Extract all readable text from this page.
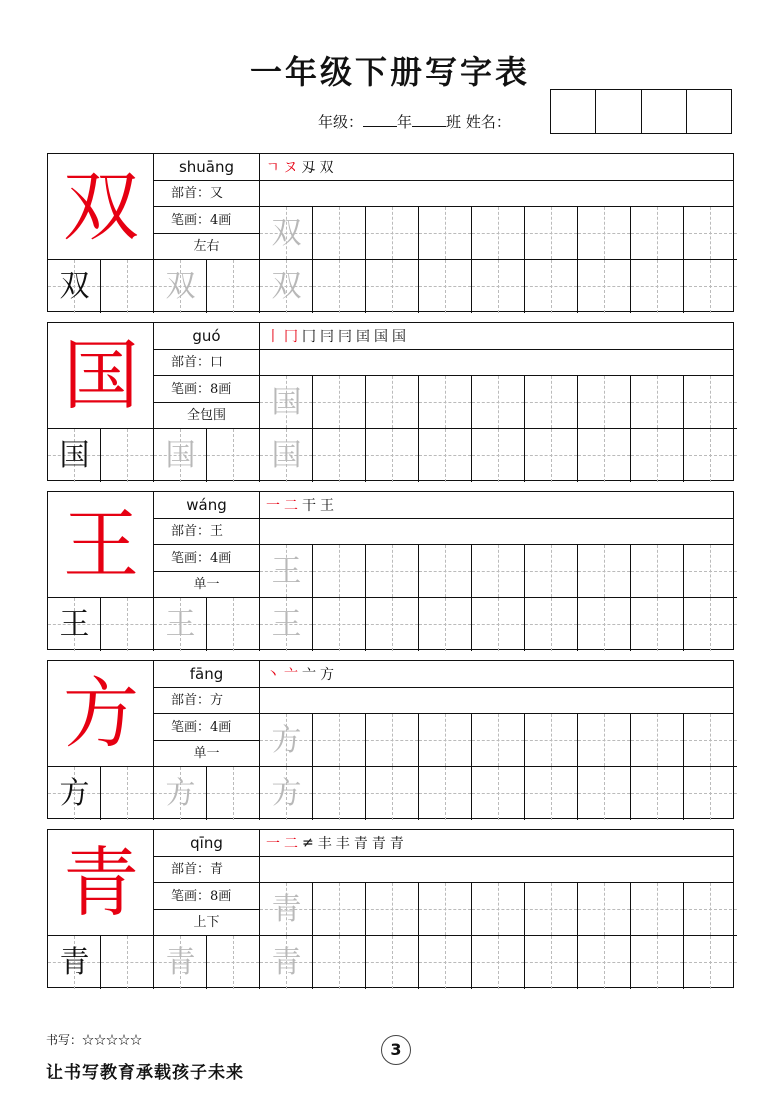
一年级下册写字表
年级： 年 班 姓名：
双	shuāng
部首：又
笔画：4画
左右
ㄱ ヌ 刄 双
双
双	双	双
国	guó
部首：口
笔画：8画
全包围
丨 冂 冂 冃 冃 囯 国 国
国
国	国	国
王	wáng
部首：王
笔画：4画
单一
一 二 干 王
王
王	王	王
方	fāng
部首：方
笔画：4画
单一
丶 亠 亠 方
方
方	方	方
青	qīng
部首：青
笔画：8画
上下
一 二 ≠ 丰 丰 青 青 青
青
青	青	青
书写：☆☆☆☆☆	3
让书写教育承载孩子未来
